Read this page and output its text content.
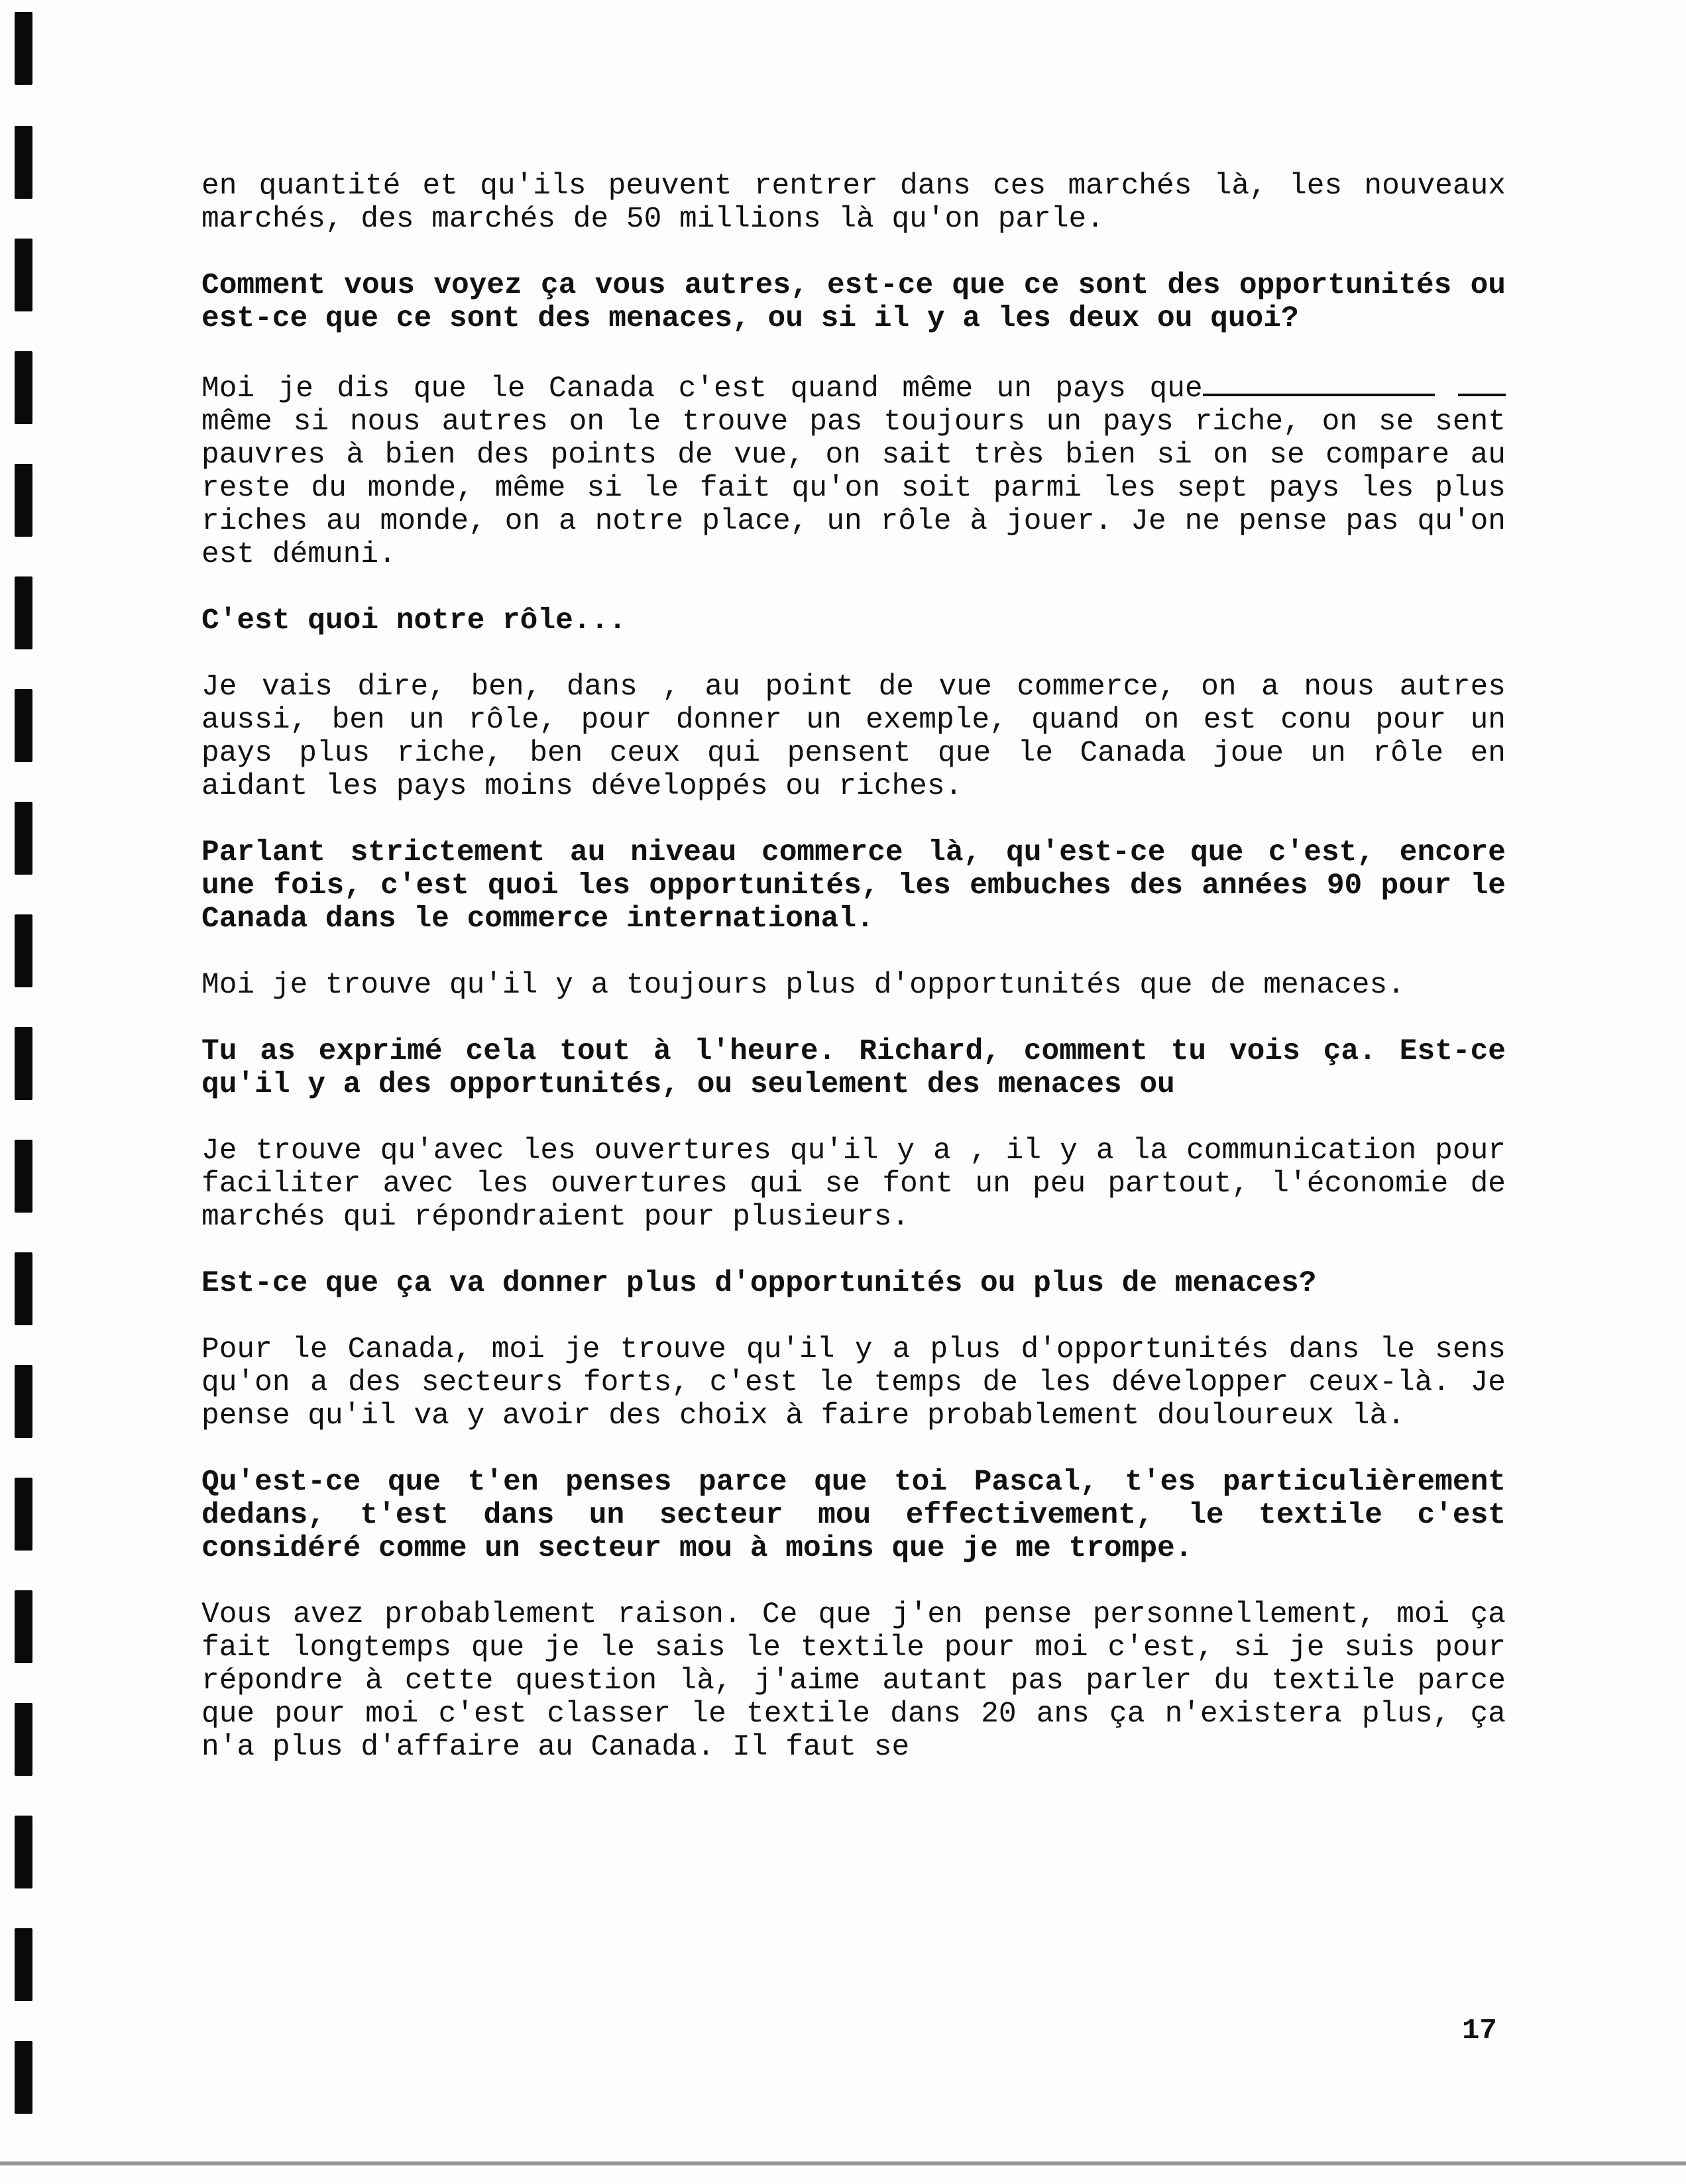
en quantité et qu'ils peuvent rentrer dans ces marchés là, les nouveaux marchés, des marchés de 50 millions là qu'on parle.

Comment vous voyez ça vous autres, est-ce que ce sont des opportunités ou est-ce que ce sont des menaces, ou si il y a les deux ou quoi?

Moi je dis que le Canada c'est quand même un pays que  même si nous autres on le trouve pas toujours un pays riche, on se sent pauvres à bien des points de vue, on sait très bien si on se compare au reste du monde, même si le fait qu'on soit parmi les sept pays les plus riches au monde, on a notre place, un rôle à jouer. Je ne pense pas qu'on est démuni.

C'est quoi notre rôle...

Je vais dire, ben, dans , au point de vue commerce, on a nous autres aussi, ben un rôle, pour donner un exemple, quand on est conu pour un pays plus riche, ben ceux qui pensent que le Canada joue un rôle en aidant les pays moins développés ou riches.

Parlant strictement au niveau commerce là, qu'est-ce que c'est, encore une fois, c'est quoi les opportunités, les embuches des années 90 pour le Canada dans le commerce international.

Moi je trouve qu'il y a toujours plus d'opportunités que de menaces.

Tu as exprimé cela tout à l'heure. Richard, comment tu vois ça. Est-ce qu'il y a des opportunités, ou seulement des menaces ou

Je trouve qu'avec les ouvertures qu'il y a , il y a la communication pour faciliter avec les ouvertures qui se font un peu partout, l'économie de marchés qui répondraient pour plusieurs.

Est-ce que ça va donner plus d'opportunités ou plus de menaces?

Pour le Canada, moi je trouve qu'il y a plus d'opportunités dans le sens qu'on a des secteurs forts, c'est le temps de les développer ceux-là. Je pense qu'il va y avoir des choix à faire probablement douloureux là.

Qu'est-ce que t'en penses parce que toi Pascal, t'es particulièrement dedans, t'est dans un secteur mou effectivement, le textile c'est considéré comme un secteur mou à moins que je me trompe.

Vous avez probablement raison. Ce que j'en pense personnellement, moi ça fait longtemps que je le sais le textile pour moi c'est, si je suis pour répondre à cette question là, j'aime autant pas parler du textile parce que pour moi c'est classer le textile dans 20 ans ça n'existera plus, ça n'a plus d'affaire au Canada. Il faut se

17
